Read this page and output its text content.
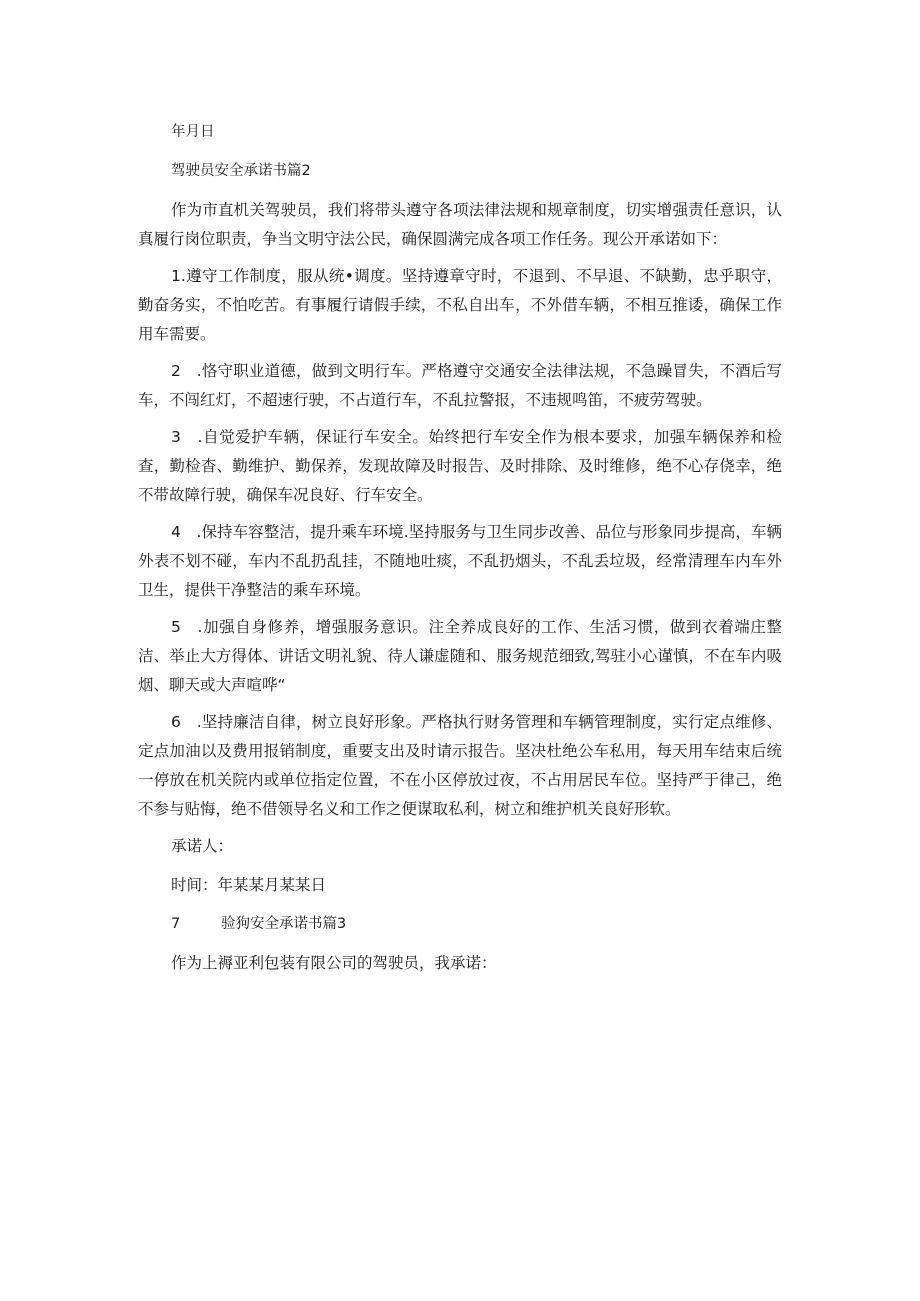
年月日

驾驶员安全承诺书篇2

作为市直机关驾驶员，我们将带头遵守各项法律法规和规章制度，切实增强责任意识，认真履行岗位职责，争当文明守法公民，确保圆满完成各项工作任务。现公开承诺如下：

1.遵守工作制度，服从统•调度。坚持遵章守时，不退到、不早退、不缺勤，忠乎职守，勤奋务实，不怕吃苦。有事履行请假手续，不私自出车，不外借车辆，不相互推诿，确保工作用车需要。

2　.恪守职业道德，做到文明行车。严格遵守交通安全法律法规，不急躁冒失，不酒后写车，不闯红灯，不超速行驶，不占道行车，不乱拉警报，不违规鸣笛，不疲劳驾驶。

3　.自觉爱护车辆，保证行车安全。始终把行车安全作为根本要求，加强车辆保养和检查，勤检杳、勤维护、勤保养，发现故障及时报告、及时排除、及时维修，绝不心存侥幸，绝不带故障行驶，确保车况良好、行车安全。

4　.保持车容整洁，提升乘车环境.坚持服务与卫生同步改善、品位与形象同步提高，车辆外表不划不碰，车内不乱扔乱挂，不随地吐痰，不乱扔烟头，不乱丢垃圾，经常清理车内车外卫生，提供干净整洁的乘车环境。

5　.加强自身修养，增强服务意识。注全养成良好的工作、生活习惯，做到衣着端庄整洁、举止大方得体、讲话文明礼貌、待人谦虚随和、服务规范细致,驾驻小心谨慎，不在车内吸烟、聊天或大声喧哗“

6　.坚持廉洁自律，树立良好形象。严格执行财务管理和车辆管理制度，实行定点维修、定点加油以及费用报销制度，重要支出及时请示报告。坚决杜绝公车私用，每天用车结束后统一停放在机关院内或单位指定位置，不在小区停放过夜，不占用居民车位。坚持严于律己，绝不参与贴悔，绝不借领导名义和工作之便谋取私利，树立和维护机关良好形软。

承诺人：

时间：年某某月某某日

7	验狗安全承诺书篇3

作为上褥亚利包装有限公司的驾驶员，我承诺：
